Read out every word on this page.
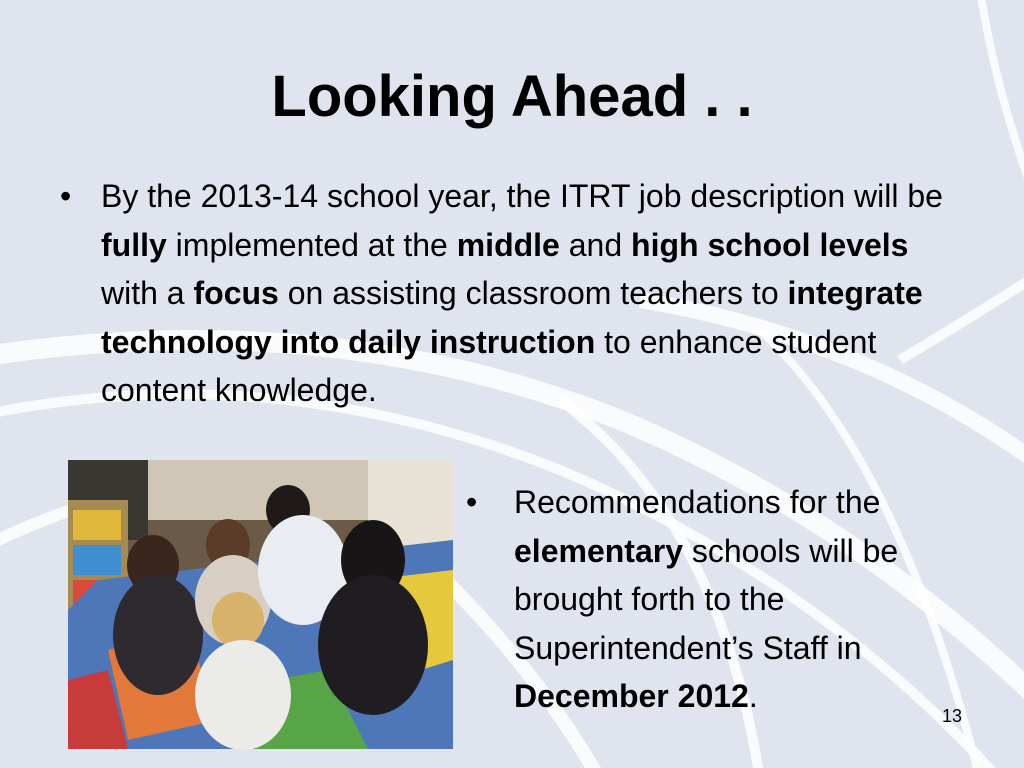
Looking Ahead . .
• By the 2013-14 school year, the ITRT job description will be fully implemented at the middle and high school levels with a focus on assisting classroom teachers to integrate technology into daily instruction to enhance student content knowledge.
• Recommendations for the elementary schools will be brought forth to the Superintendent’s Staff in December 2012.
13
